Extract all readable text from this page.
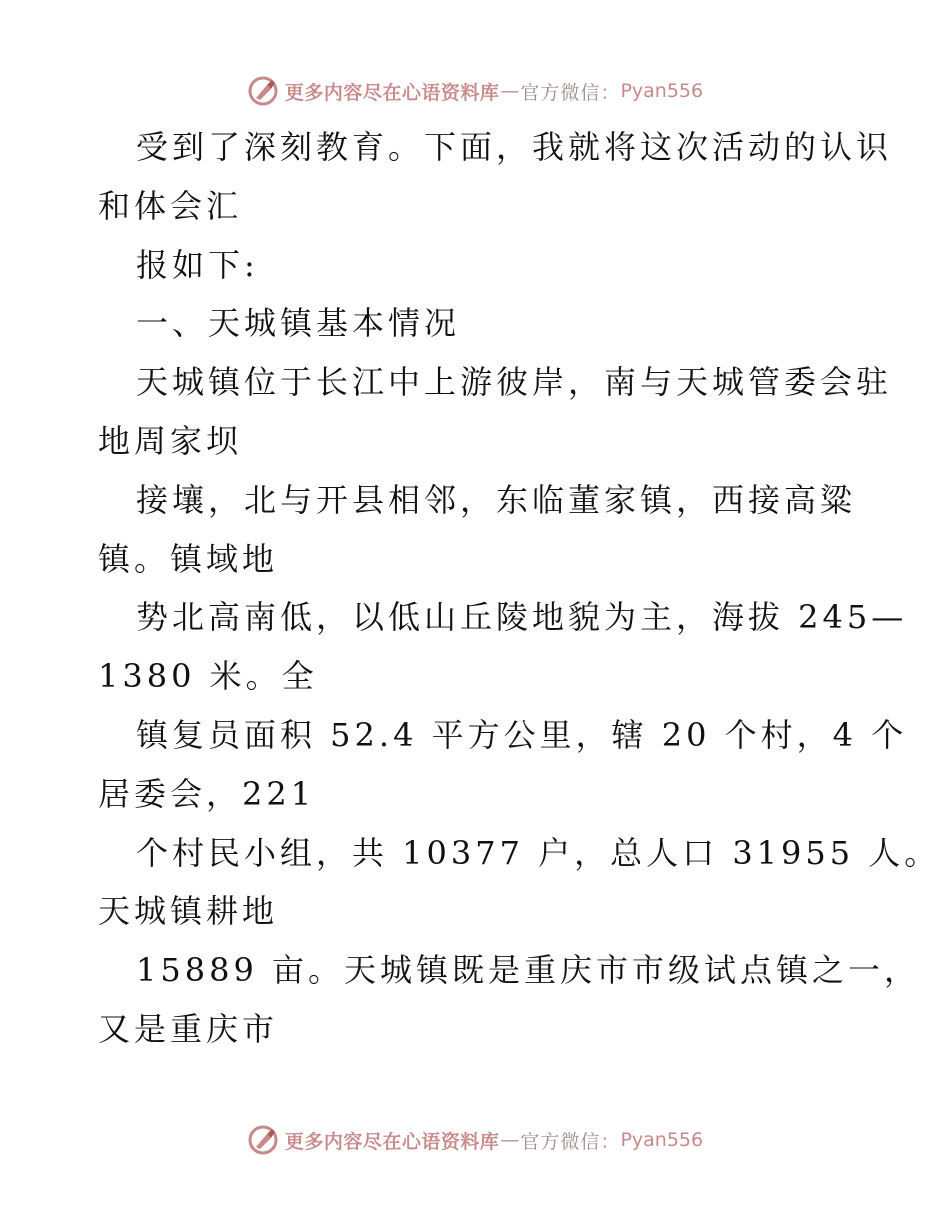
更多内容尽在心语资料库 — 官方微信： Pyan556
受到了深刻教育。下面，我就将这次活动的认识
和体会汇
报如下:
一、天城镇基本情况
天城镇位于长江中上游彼岸，南与天城管委会驻
地周家坝
接壤，北与开县相邻，东临董家镇，西接高粱
镇。镇域地
势北高南低，以低山丘陵地貌为主，海拔 245—
1380 米。全
镇复员面积 52.4 平方公里，辖 20 个村，4 个
居委会，221
个村民小组，共 10377 户，总人口 31955 人。
天城镇耕地
15889 亩。天城镇既是重庆市市级试点镇之一，
又是重庆市
更多内容尽在心语资料库 — 官方微信： Pyan556
